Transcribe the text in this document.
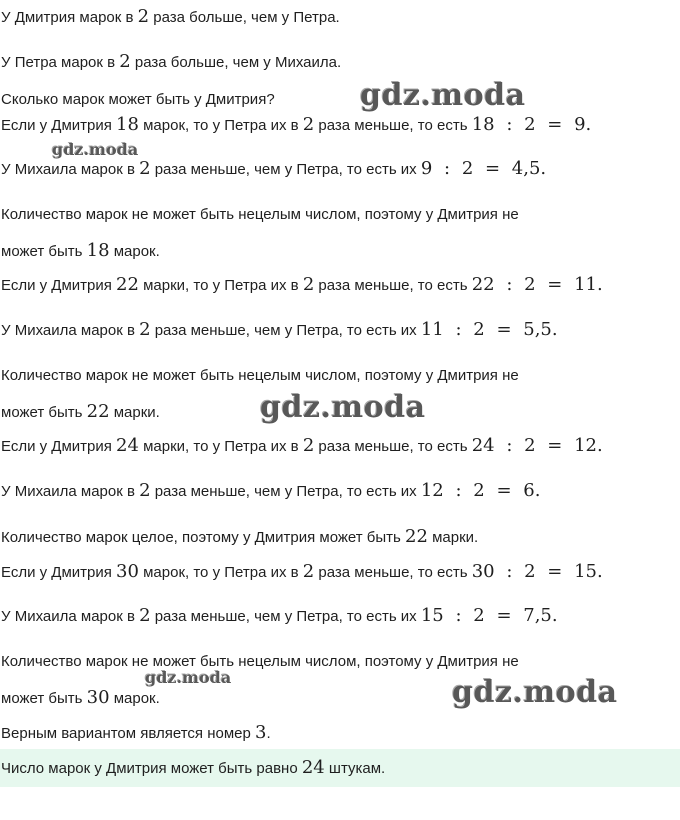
У Дмитрия марок в 2 раза больше, чем у Петра.
У Петра марок в 2 раза больше, чем у Михаила.
Сколько марок может быть у Дмитрия?
Если у Дмитрия 18 марок, то у Петра их в 2 раза меньше, то есть 18 : 2 = 9.
У Михаила марок в 2 раза меньше, чем у Петра, то есть их 9 : 2 = 4,5.
Количество марок не может быть нецелым числом, поэтому у Дмитрия не
может быть 18 марок.
Если у Дмитрия 22 марки, то у Петра их в 2 раза меньше, то есть 22 : 2 = 11.
У Михаила марок в 2 раза меньше, чем у Петра, то есть их 11 : 2 = 5,5.
Количество марок не может быть нецелым числом, поэтому у Дмитрия не
может быть 22 марки.
Если у Дмитрия 24 марки, то у Петра их в 2 раза меньше, то есть 24 : 2 = 12.
У Михаила марок в 2 раза меньше, чем у Петра, то есть их 12 : 2 = 6.
Количество марок целое, поэтому у Дмитрия может быть 22 марки.
Если у Дмитрия 30 марок, то у Петра их в 2 раза меньше, то есть 30 : 2 = 15.
У Михаила марок в 2 раза меньше, чем у Петра, то есть их 15 : 2 = 7,5.
Количество марок не может быть нецелым числом, поэтому у Дмитрия не
может быть 30 марок.
Верным вариантом является номер 3.
Число марок у Дмитрия может быть равно 24 штукам.
gdz.moda
gdz.moda
gdz.moda
gdz.moda	gdz.moda
